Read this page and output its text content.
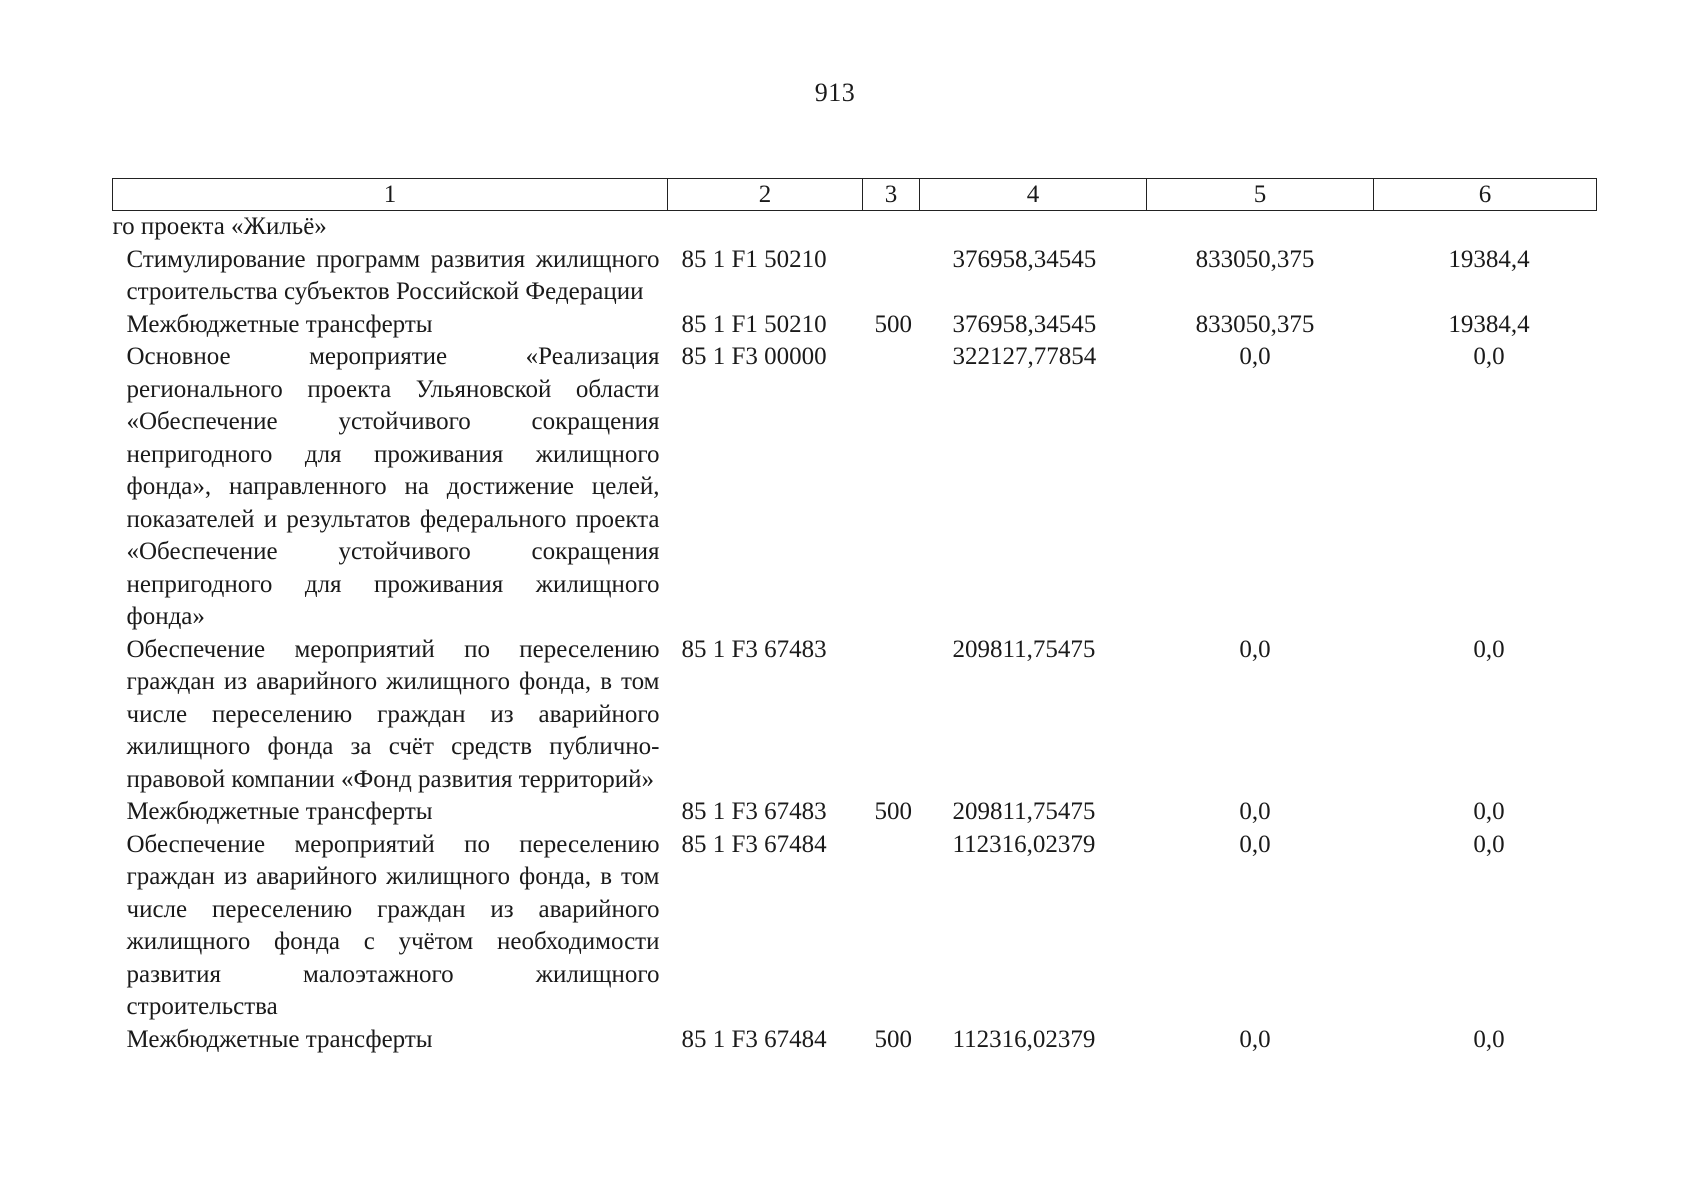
913
1	2	3	4	5	6
го проекта «Жильё»					
Стимулирование программ развития жилищного строительства субъектов Российской Федерации	85 1 F1 50210		376958,34545	833050,375	19384,4
Межбюджетные трансферты	85 1 F1 50210	500	376958,34545	833050,375	19384,4
Основное мероприятие «Реализация регионального проекта Ульяновской области «Обеспечение устойчивого сокращения непригодного для проживания жилищного фонда», направленного на достижение целей, показателей и результатов федерального проекта «Обеспечение устойчивого сокращения непригодного для проживания жилищного фонда»	85 1 F3 00000		322127,77854	0,0	0,0
Обеспечение мероприятий по переселению граждан из аварийного жилищного фонда, в том числе переселению граждан из аварийного жилищного фонда за счёт средств публично-правовой компании «Фонд развития территорий»	85 1 F3 67483		209811,75475	0,0	0,0
Межбюджетные трансферты	85 1 F3 67483	500	209811,75475	0,0	0,0
Обеспечение мероприятий по переселению граждан из аварийного жилищного фонда, в том числе переселению граждан из аварийного жилищного фонда с учётом необходимости развития малоэтажного жилищного строительства	85 1 F3 67484		112316,02379	0,0	0,0
Межбюджетные трансферты	85 1 F3 67484	500	112316,02379	0,0	0,0
